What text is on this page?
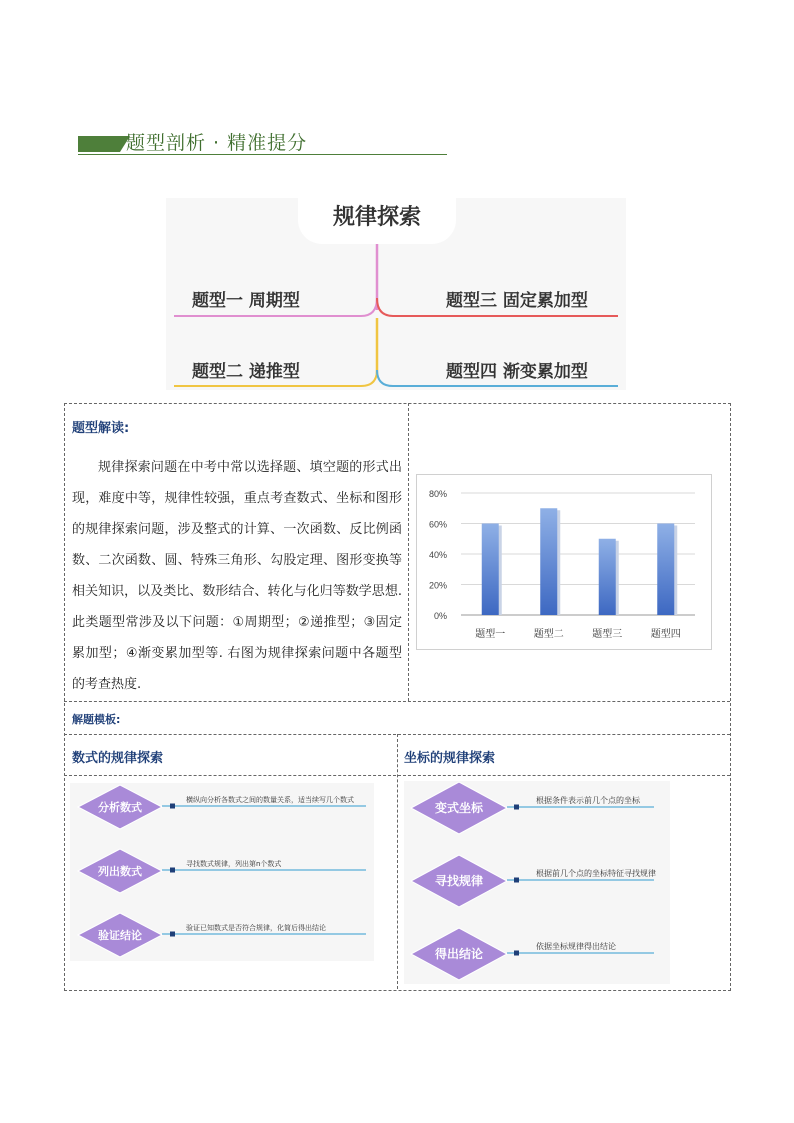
题型剖析 · 精准提分
规律探索
题型一 周期型
题型二 递推型
题型三 固定累加型
题型四 渐变累加型
题型解读:

规律探索问题在中考中常以选择题、填空题的形式出现，难度中等，规律性较强，重点考查数式、坐标和图形的规律探索问题，涉及整式的计算、一次函数、反比例函数、二次函数、圆、特殊三角形、勾股定理、图形变换等相关知识，以及类比、数形结合、转化与化归等数学思想. 此类题型常涉及以下问题：①周期型；②递推型；③固定累加型；④渐变累加型等. 右图为规律探索问题中各题型的考查热度.

0%
20%
40%
60%
80%
题型一	题型二	题型三	题型四
解题模板:
数式的规律探索	坐标的规律探索
分析数式
横纵向分析各数式之间的数量关系，适当续写几个数式
列出数式
寻找数式规律，列出第n个数式
验证结论
验证已知数式是否符合规律，化简后得出结论
变式坐标
根据条件表示前几个点的坐标
寻找规律
根据前几个点的坐标特征寻找规律
得出结论
依据坐标规律得出结论
